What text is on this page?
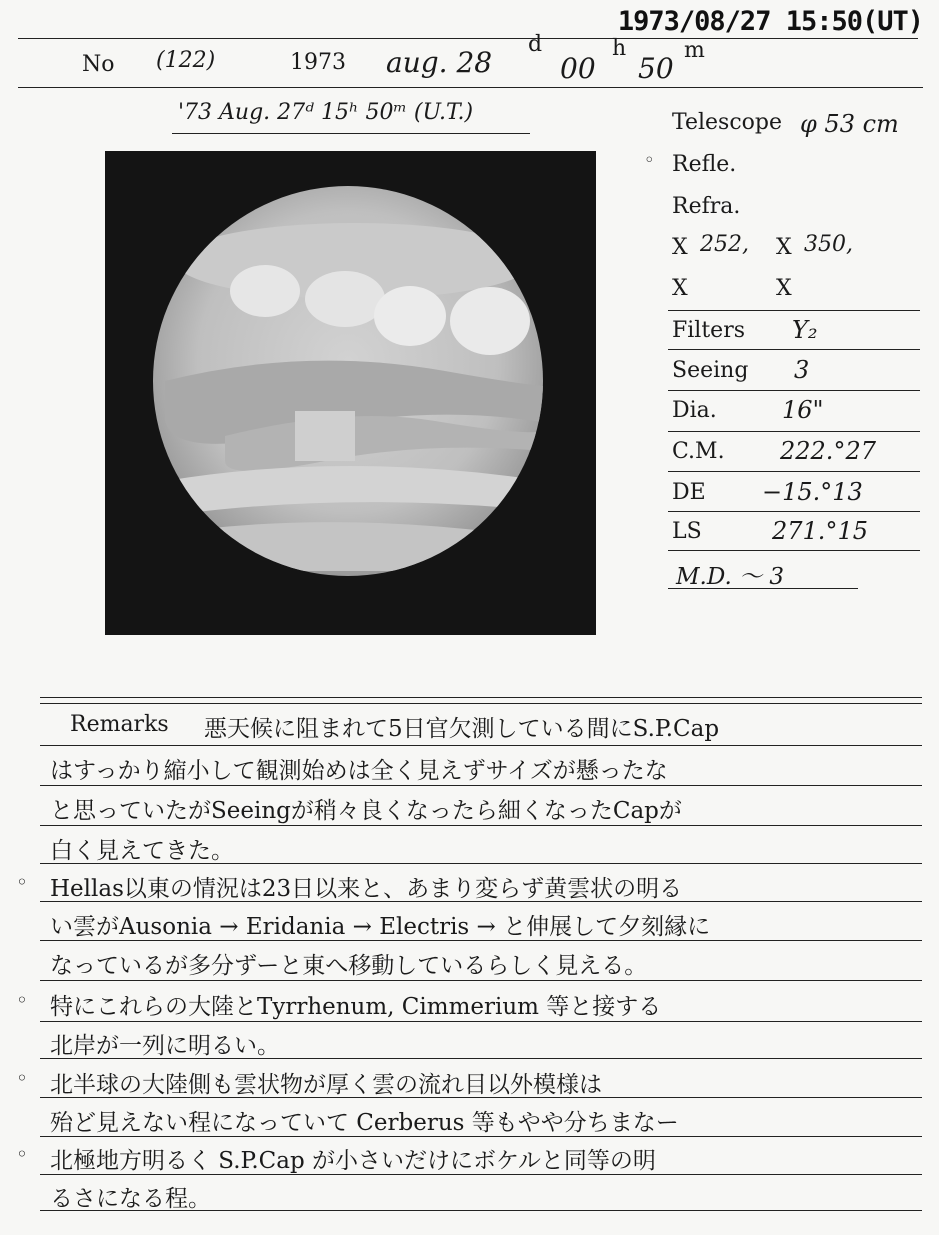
1973/08/27 15:50(UT)
No (122)	1973 aug. 28
d
00
h
50
m
'73 Aug. 27ᵈ 15ʰ 50ᵐ (U.T.)	Telescope φ 53 cm
◦ Refle.
Refra.
X 252, X 350,
X	X
Filters Y₂
Seeing 3
Dia.	16"
C.M. 222.°27
DE −15.°13
LS	271.°15
M.D. ～ 3
Remarks 悪天候に阻まれて5日官欠測している間にS.P.Cap
はすっかり縮小して観測始めは全く見えずサイズが懸ったな
と思っていたがSeeingが稍々良くなったら細くなったCapが
白く見えてきた。
◦ Hellas以東の情況は23日以来と、あまり変らず黄雲状の明る
い雲がAusonia → Eridania → Electris → と伸展して夕刻縁に
なっているが多分ずーと東へ移動しているらしく見える。
◦ 特にこれらの大陸とTyrrhenum, Cimmerium 等と接する
北岸が一列に明るい。
◦ 北半球の大陸側も雲状物が厚く雲の流れ目以外模様は
殆ど見えない程になっていて Cerberus 等もやや分ちまなー
◦ 北極地方明るく S.P.Cap が小さいだけにボケルと同等の明
るさになる程。
